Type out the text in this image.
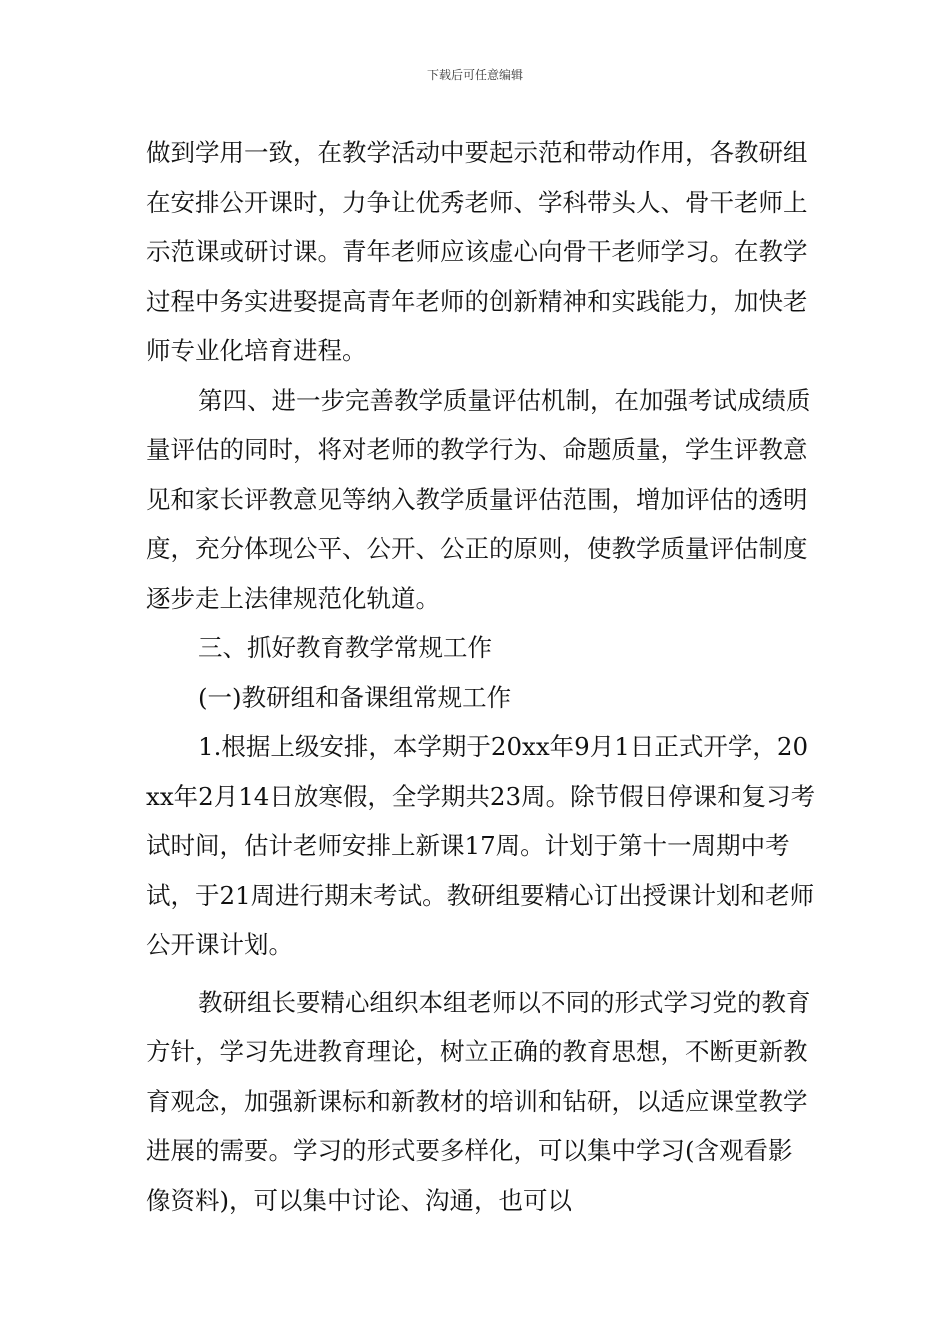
下载后可任意编辑

做到学用一致，在教学活动中要起示范和带动作用，各教研组在安排公开课时，力争让优秀老师、学科带头人、骨干老师上示范课或研讨课。青年老师应该虚心向骨干老师学习。在教学过程中务实进娶提高青年老师的创新精神和实践能力，加快老师专业化培育进程。

第四、进一步完善教学质量评估机制，在加强考试成绩质量评估的同时，将对老师的教学行为、命题质量，学生评教意见和家长评教意见等纳入教学质量评估范围，增加评估的透明度，充分体现公平、公开、公正的原则，使教学质量评估制度逐步走上法律规范化轨道。

三、抓好教育教学常规工作

(一)教研组和备课组常规工作

1.根据上级安排，本学期于20xx年9月1日正式开学，20xx年2月14日放寒假，全学期共23周。除节假日停课和复习考试时间，估计老师安排上新课17周。计划于第十一周期中考试，于21周进行期末考试。教研组要精心订出授课计划和老师公开课计划。

教研组长要精心组织本组老师以不同的形式学习党的教育方针，学习先进教育理论，树立正确的教育思想，不断更新教育观念，加强新课标和新教材的培训和钻研，以适应课堂教学进展的需要。学习的形式要多样化，可以集中学习(含观看影像资料)，可以集中讨论、沟通，也可以
